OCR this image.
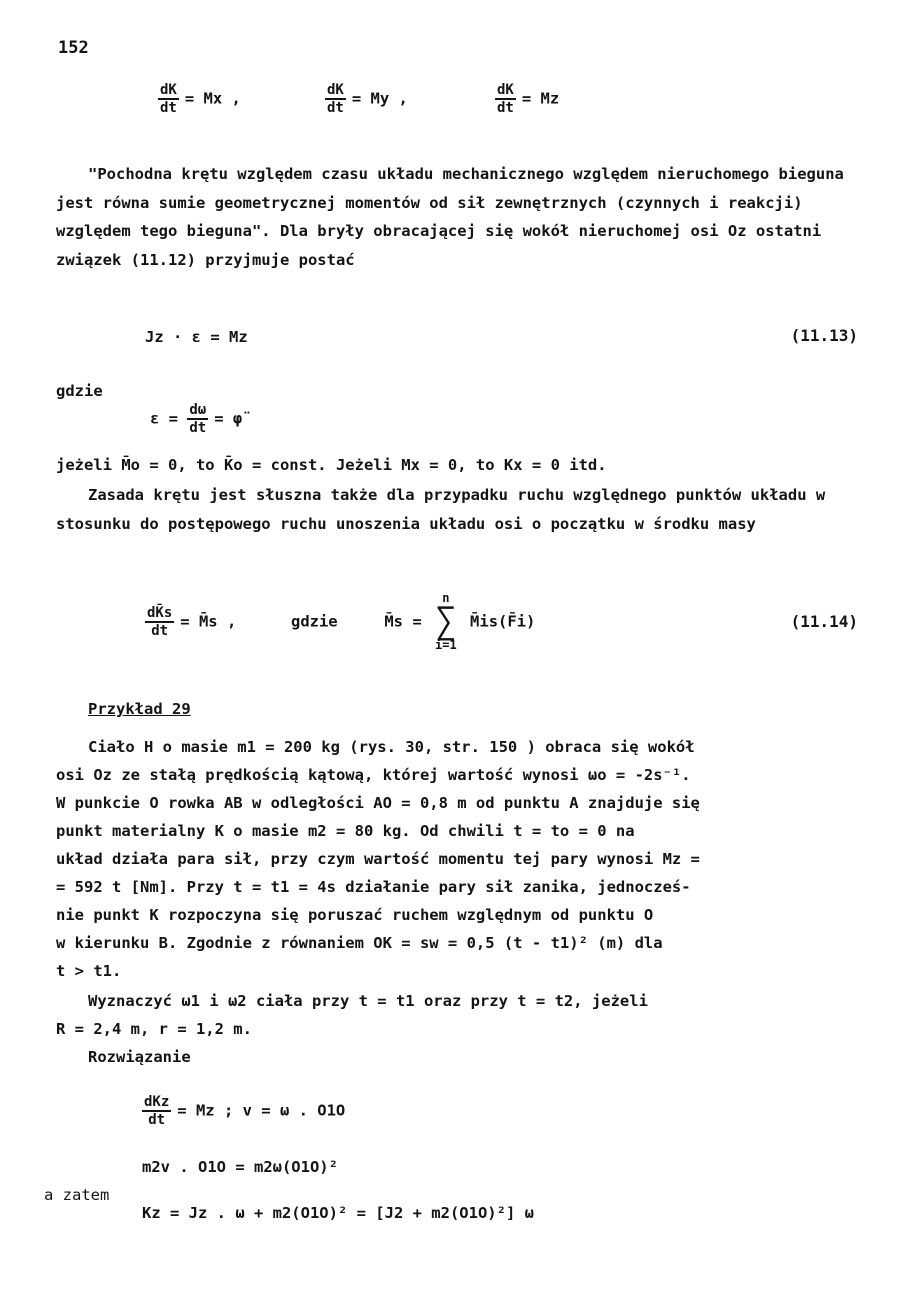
152
$\frac{dK}{dt} = Mx$ ,	$\frac{dK}{dt} = My$ ,	$\frac{dK}{dt} = Mz$
"Pochodna krętu względem czasu układu mechanicznego względem nieruchomego bieguna jest równa sumie geometrycznej momentów od sił zewnętrznych (czynnych i reakcji) względem tego bieguna". Dla bryły obracającej się wokół nieruchomej osi Oz ostatni związek (11.12) przyjmuje postać
Jz · ε = Mz	(11.13)
gdzie
$\varepsilon = \frac{d\omega}{dt}$ = φ̈
jeżeli M̄o = 0, to K̄o = const. Jeżeli Mx = 0, to Kx = 0 itd.
Zasada krętu jest słuszna także dla przypadku ruchu względnego punktów układu w stosunku do postępowego ruchu unoszenia układu osi o początku w środku masy
$\frac{dK̄s}{dt}$ = M̄s ,	gdzie	M̄s =
n
∑
i=1
M̄is(F̄i)	(11.14)
Przykład 29
Ciało H o masie m1 = 200 kg (rys. 30, str. 150 ) obraca się wokół
osi Oz ze stałą prędkością kątową, której wartość wynosi ωo = -2s⁻¹.
W punkcie O rowka AB w odległości AO = 0,8 m od punktu A znajduje się
punkt materialny K o masie m2 = 80 kg. Od chwili t = to = 0 na
układ działa para sił, przy czym wartość momentu tej pary wynosi Mz =
= 592 t [Nm]. Przy t = t1 = 4s działanie pary sił zanika, jednocześ-
nie punkt K rozpoczyna się poruszać ruchem względnym od punktu O
w kierunku B. Zgodnie z równaniem OK = sw = 0,5 (t - t1)² (m) dla
t > t1.
Wyznaczyć ω1 i ω2 ciała przy t = t1 oraz przy t = t2, jeżeli
R = 2,4 m, r = 1,2 m.
Rozwiązanie
$\frac{\text{dKz}}{dt} = Mz$ ; v = ω . O1O
m2v . O1O = m2ω(O1O)²
a zatem
Kz = Jz . ω + m2(O1O)² = [J2 + m2(O1O)²] ω
